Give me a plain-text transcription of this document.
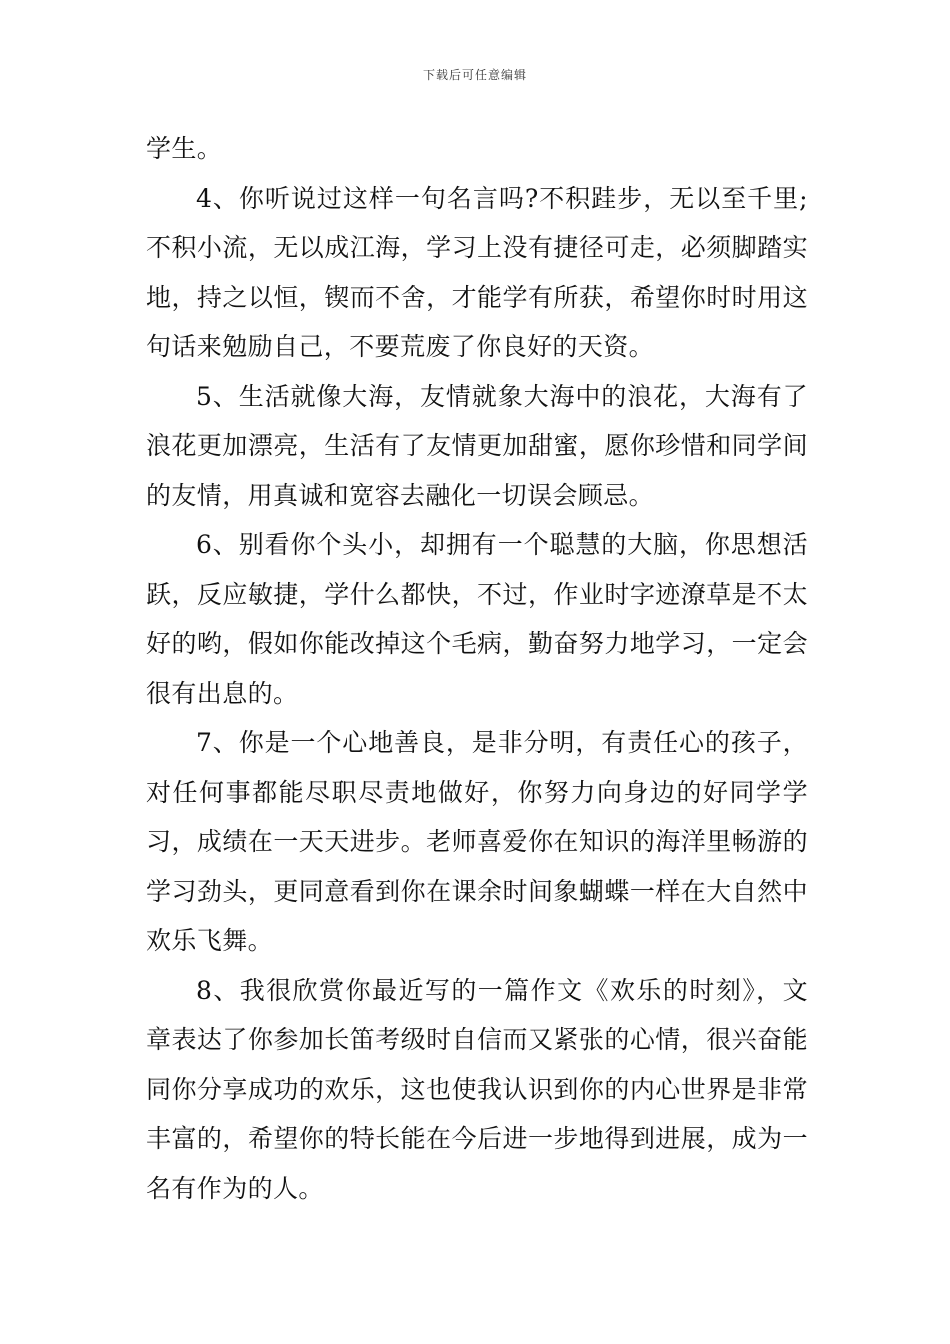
下载后可任意编辑

学生。

4、你听说过这样一句名言吗?不积跬步，无以至千里;不积小流，无以成江海，学习上没有捷径可走，必须脚踏实地，持之以恒，锲而不舍，才能学有所获，希望你时时用这句话来勉励自己，不要荒废了你良好的天资。

5、生活就像大海，友情就象大海中的浪花，大海有了浪花更加漂亮，生活有了友情更加甜蜜，愿你珍惜和同学间的友情，用真诚和宽容去融化一切误会顾忌。

6、别看你个头小，却拥有一个聪慧的大脑，你思想活跃，反应敏捷，学什么都快，不过，作业时字迹潦草是不太好的哟，假如你能改掉这个毛病，勤奋努力地学习，一定会很有出息的。

7、你是一个心地善良，是非分明，有责任心的孩子，对任何事都能尽职尽责地做好，你努力向身边的好同学学习，成绩在一天天进步。老师喜爱你在知识的海洋里畅游的学习劲头，更同意看到你在课余时间象蝴蝶一样在大自然中欢乐飞舞。

8、我很欣赏你最近写的一篇作文《欢乐的时刻》，文章表达了你参加长笛考级时自信而又紧张的心情，很兴奋能同你分享成功的欢乐，这也使我认识到你的内心世界是非常丰富的，希望你的特长能在今后进一步地得到进展，成为一名有作为的人。
